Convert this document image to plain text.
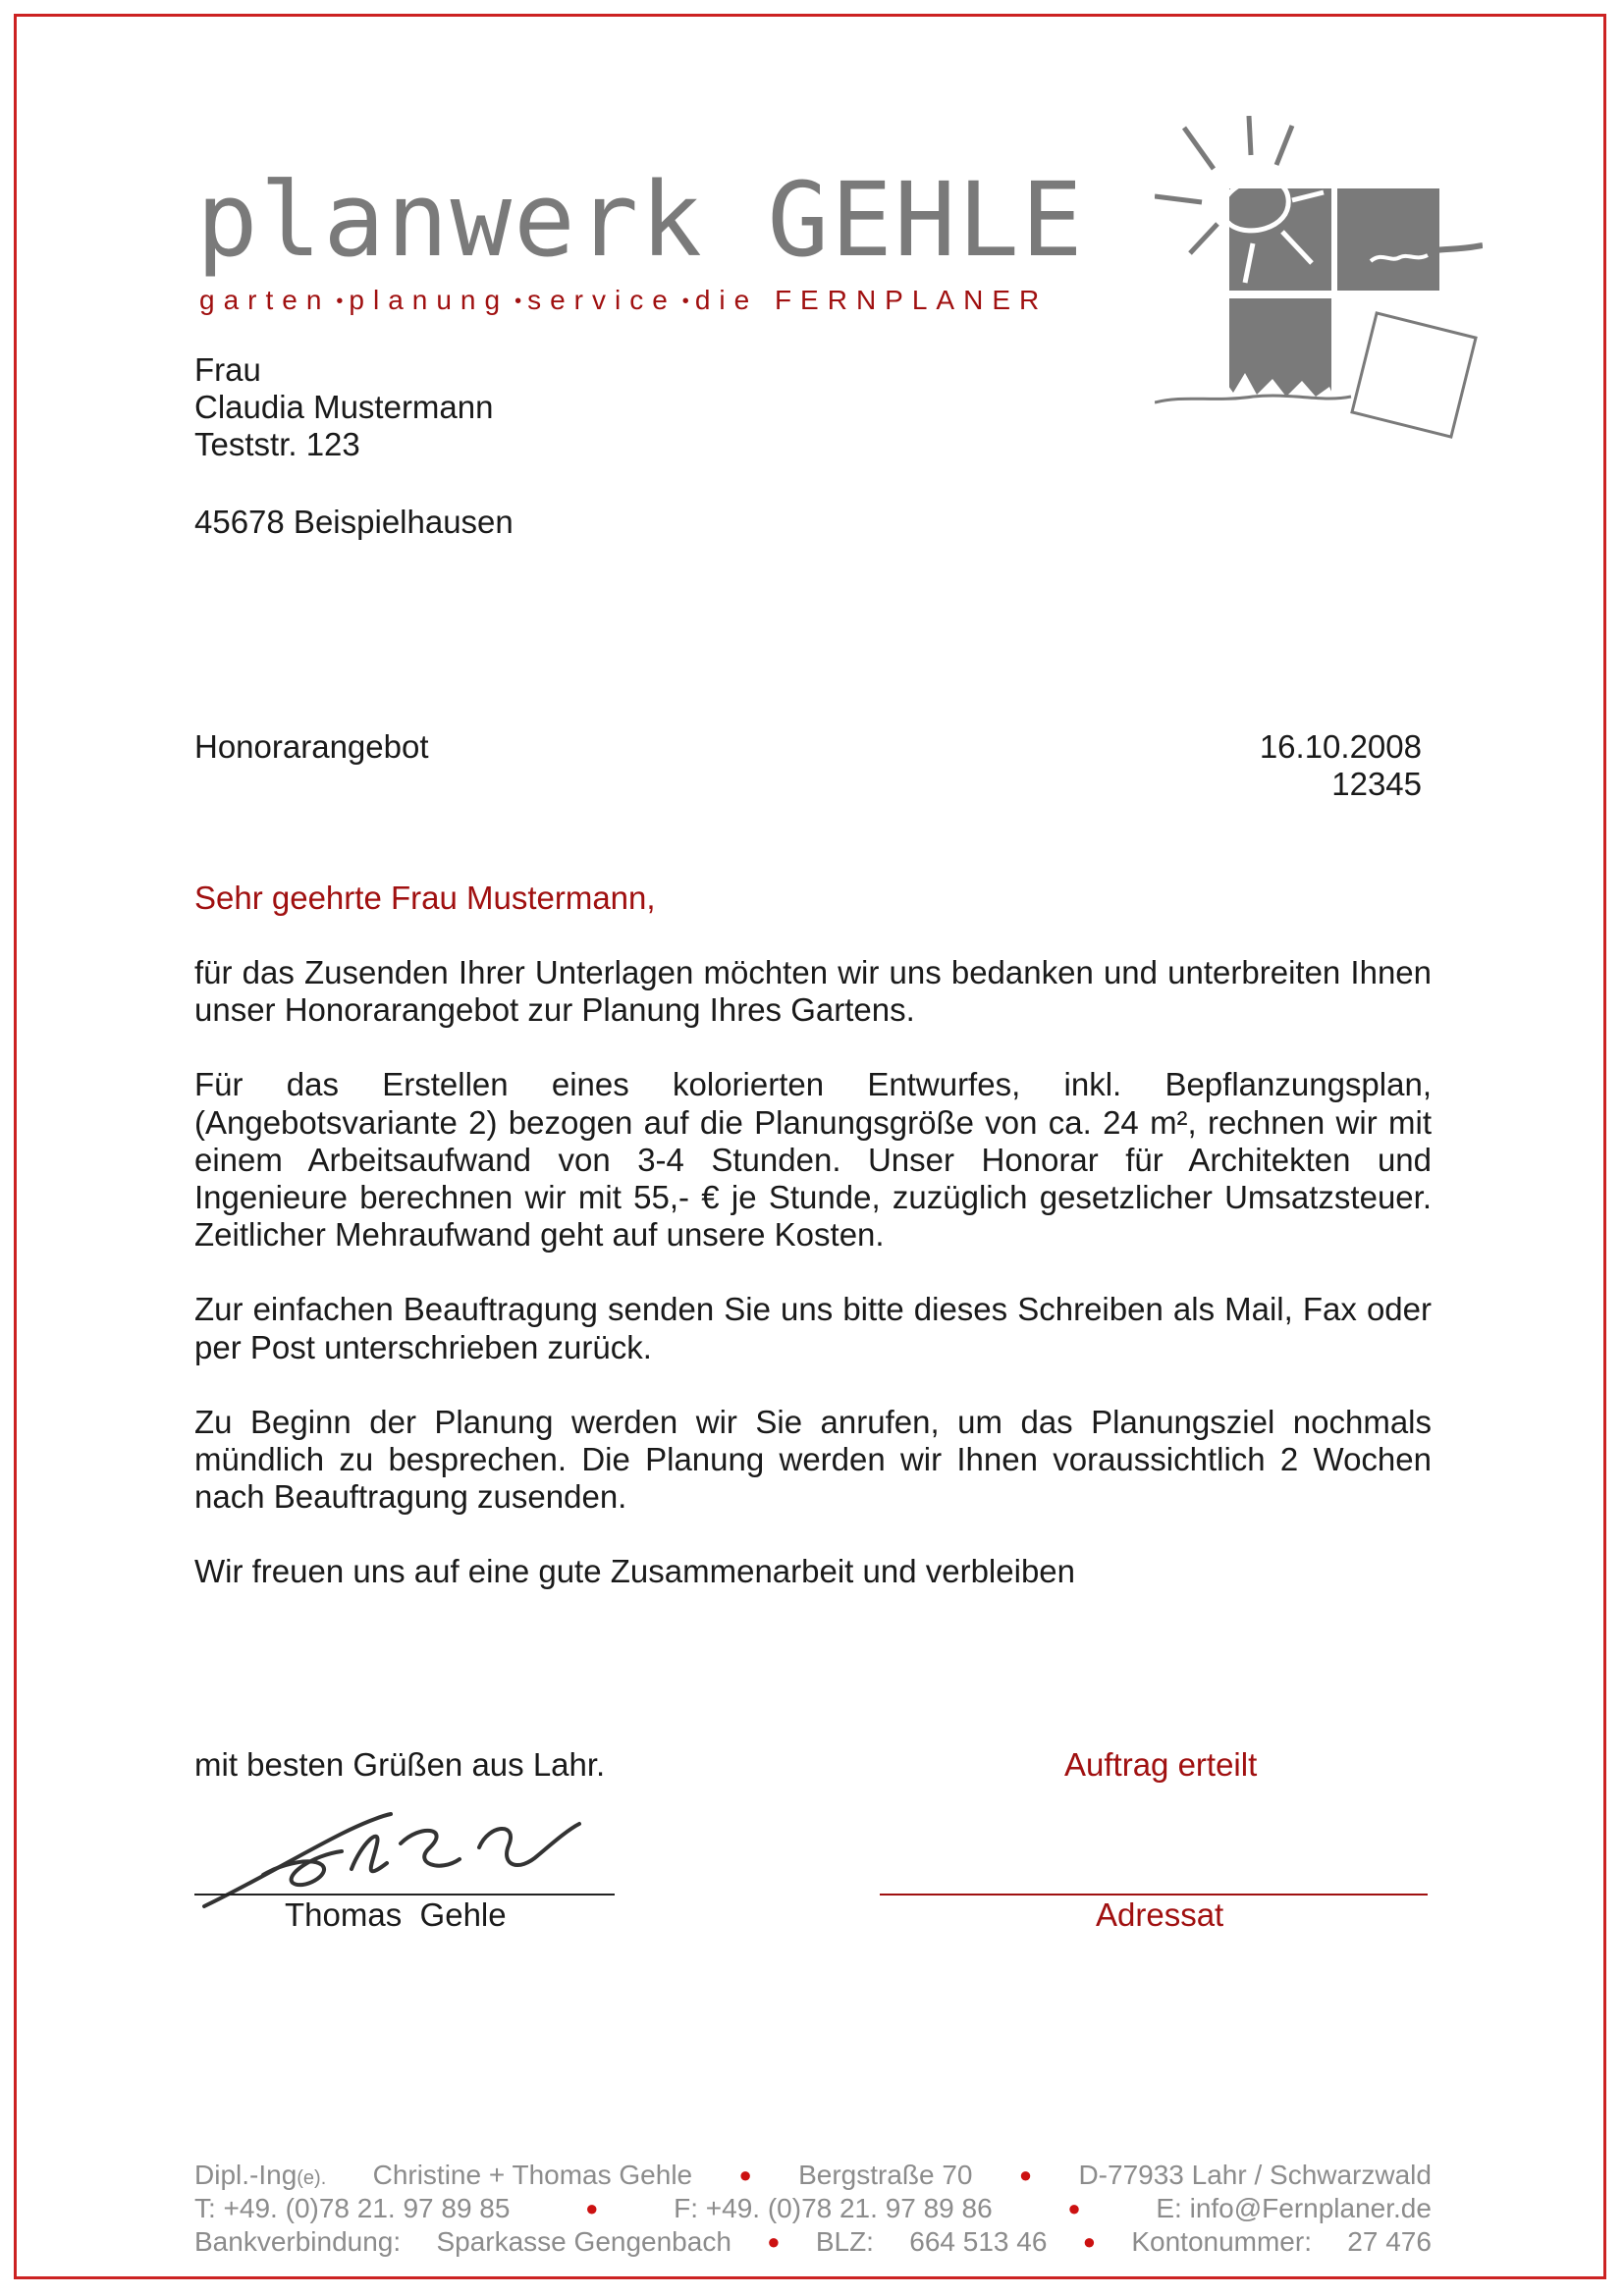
planwerk GEHLE
garten • planung • service • die FERNPLANER
Frau
Claudia Mustermann
Teststr. 123
45678 Beispielhausen
Honorarangebot	16.10.2008
12345
Sehr geehrte Frau Mustermann,

für das Zusenden Ihrer Unterlagen möchten wir uns bedanken und unterbreiten Ihnen unser Honorarangebot zur Planung Ihres Gartens.

Für das Erstellen eines kolorierten Entwurfes, inkl. Bepflanzungsplan, (Angebotsvariante 2) bezogen auf die Planungsgröße von ca. 24 m², rechnen wir mit einem Arbeitsaufwand von 3-4 Stunden. Unser Honorar für Architekten und Ingenieure berechnen wir mit 55,- € je Stunde, zuzüglich gesetzlicher Umsatzsteuer. Zeitlicher Mehraufwand geht auf unsere Kosten.

Zur einfachen Beauftragung senden Sie uns bitte dieses Schreiben als Mail, Fax oder per Post unterschrieben zurück.

Zu Beginn der Planung werden wir Sie anrufen, um das Planungsziel nochmals mündlich zu besprechen. Die Planung werden wir Ihnen voraussichtlich 2 Wochen nach Beauftragung zusenden.

Wir freuen uns auf eine gute Zusammenarbeit und verbleiben

mit besten Grüßen aus Lahr.	Auftrag erteilt
Thomas  Gehle	Adressat
Dipl.-Ing(e). Christine + Thomas Gehle ● Bergstraße 70 ● D-77933 Lahr / Schwarzwald
T: +49. (0)78 21. 97 89 85	●	F: +49. (0)78 21. 97 89 86	●	E: info@Fernplaner.de
Bankverbindung: Sparkasse Gengenbach ● BLZ: 664 513 46 ● Kontonummer: 27 476
